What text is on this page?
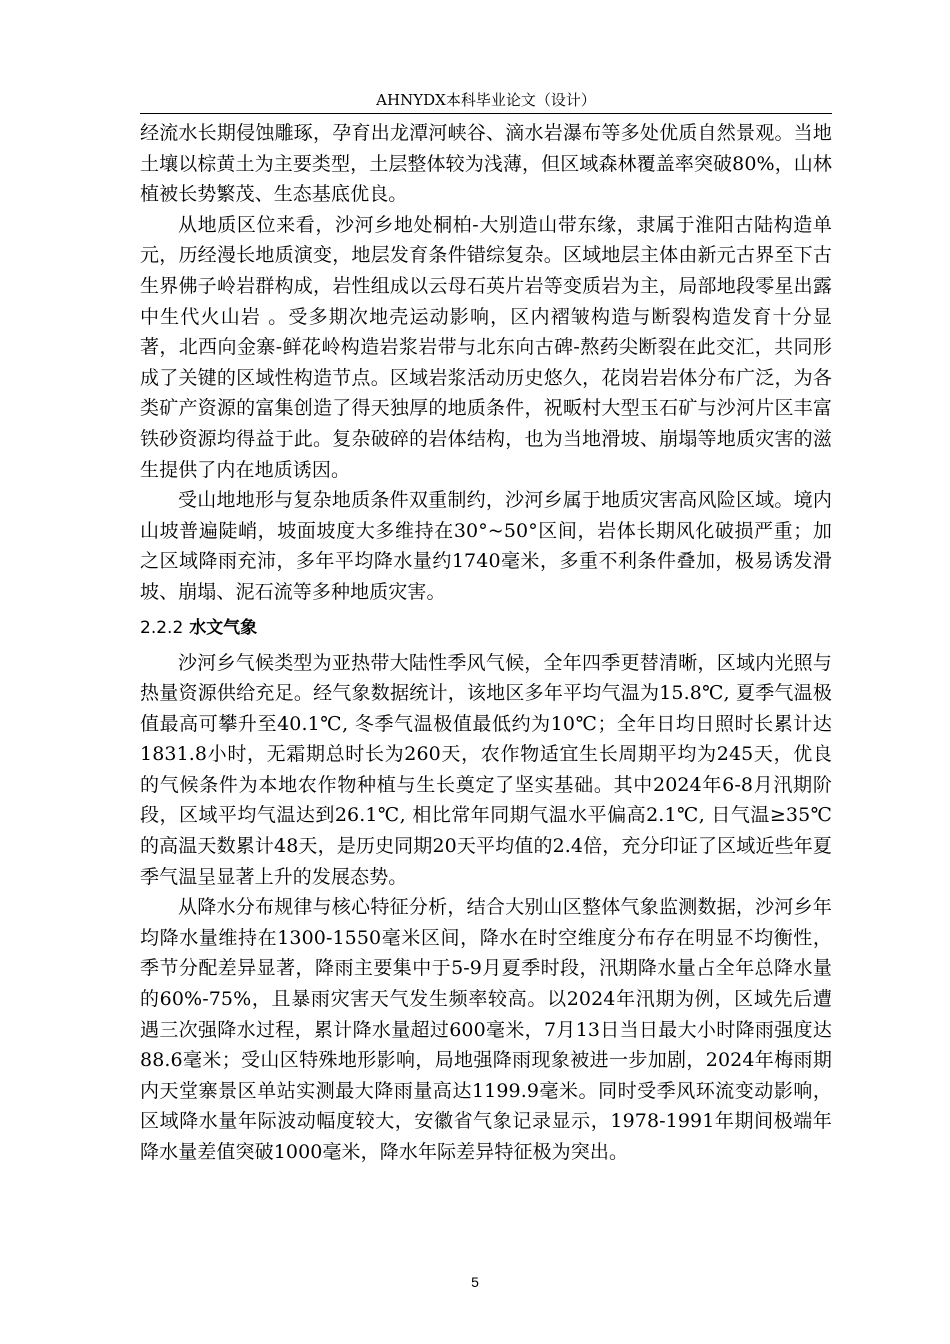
AHNYDX本科毕业论文（设计）

经流水长期侵蚀雕琢，孕育出龙潭河峡谷、滴水岩瀑布等多处优质自然景观。当地土壤以棕黄土为主要类型，土层整体较为浅薄，但区域森林覆盖率突破80%，山林植被长势繁茂、生态基底优良。

从地质区位来看，沙河乡地处桐柏-大别造山带东缘，隶属于淮阳古陆构造单元，历经漫长地质演变，地层发育条件错综复杂。区域地层主体由新元古界至下古生界佛子岭岩群构成，岩性组成以云母石英片岩等变质岩为主，局部地段零星出露中生代火山岩 。受多期次地壳运动影响，区内褶皱构造与断裂构造发育十分显著，北西向金寨-鲜花岭构造岩浆岩带与北东向古碑-熬药尖断裂在此交汇，共同形成了关键的区域性构造节点。区域岩浆活动历史悠久，花岗岩岩体分布广泛，为各类矿产资源的富集创造了得天独厚的地质条件，祝畈村大型玉石矿与沙河片区丰富铁砂资源均得益于此。复杂破碎的岩体结构，也为当地滑坡、崩塌等地质灾害的滋生提供了内在地质诱因。

受山地地形与复杂地质条件双重制约，沙河乡属于地质灾害高风险区域。境内山坡普遍陡峭，坡面坡度大多维持在30°~50°区间，岩体长期风化破损严重；加之区域降雨充沛，多年平均降水量约1740毫米，多重不利条件叠加，极易诱发滑坡、崩塌、泥石流等多种地质灾害。

2.2.2 水文气象

沙河乡气候类型为亚热带大陆性季风气候，全年四季更替清晰，区域内光照与热量资源供给充足。经气象数据统计，该地区多年平均气温为15.8℃, 夏季气温极值最高可攀升至40.1℃, 冬季气温极值最低约为10℃；全年日均日照时长累计达1831.8小时，无霜期总时长为260天，农作物适宜生长周期平均为245天，优良的气候条件为本地农作物种植与生长奠定了坚实基础。其中2024年6-8月汛期阶段，区域平均气温达到26.1℃, 相比常年同期气温水平偏高2.1℃, 日气温≥35℃的高温天数累计48天，是历史同期20天平均值的2.4倍，充分印证了区域近些年夏季气温呈显著上升的发展态势。

从降水分布规律与核心特征分析，结合大别山区整体气象监测数据，沙河乡年均降水量维持在1300-1550毫米区间，降水在时空维度分布存在明显不均衡性，季节分配差异显著，降雨主要集中于5-9月夏季时段，汛期降水量占全年总降水量的60%-75%，且暴雨灾害天气发生频率较高。以2024年汛期为例，区域先后遭遇三次强降水过程，累计降水量超过600毫米，7月13日当日最大小时降雨强度达88.6毫米；受山区特殊地形影响，局地强降雨现象被进一步加剧，2024年梅雨期内天堂寨景区单站实测最大降雨量高达1199.9毫米。同时受季风环流变动影响，区域降水量年际波动幅度较大，安徽省气象记录显示，1978-1991年期间极端年降水量差值突破1000毫米，降水年际差异特征极为突出。

5
